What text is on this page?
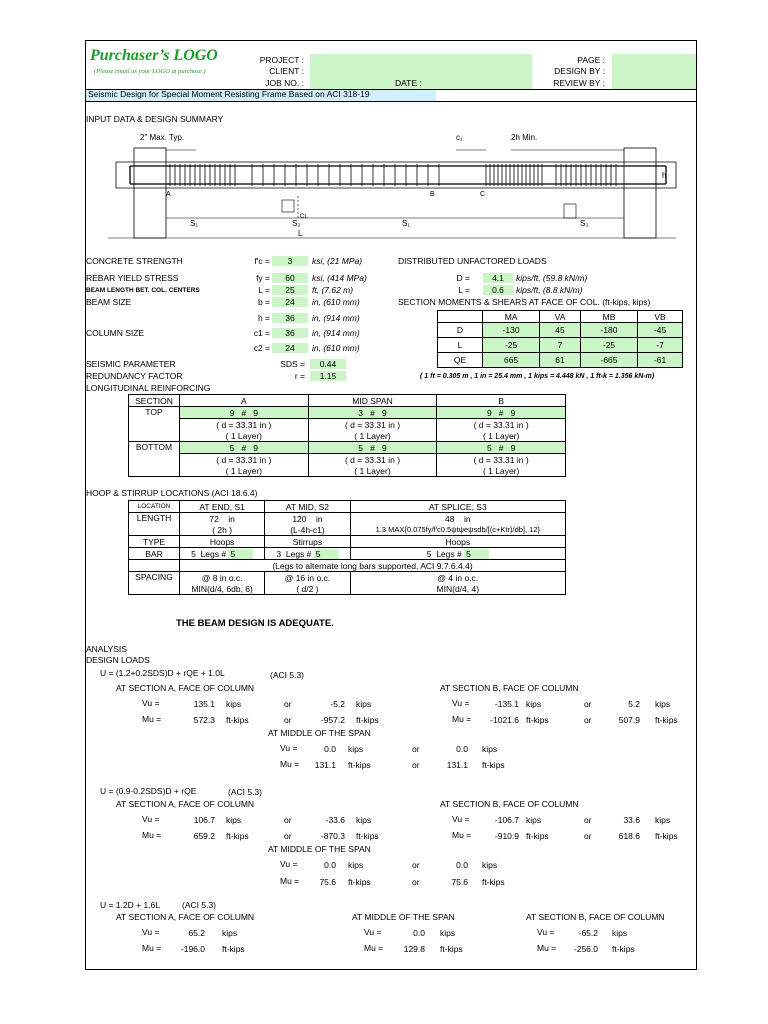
Purchaser’s LOGO
(Please email us your LOGO at purchase.)
PROJECT :
CLIENT :
JOB NO. :	DATE :
PAGE :
DESIGN BY :
REVIEW BY :
Seismic Design for Special Moment Resisting Frame Based on ACI 318-19
INPUT DATA & DESIGN SUMMARY
2" Max. Typ.	c₁	2h Min.
h
A	B	C
S₁	S₂
CL
S₁	S₃
L
CONCRETE STRENGTH	f'c =	3	ksi, (21 MPa)
REBAR YIELD STRESS	fy =	60	ksi, (414 MPa)
BEAM LENGTH BET. COL. CENTERS	L =	25	ft, (7.62 m)
BEAM SIZE	b =	24	in, (610 mm)
h =	36	in, (914 mm)
COLUMN SIZE	c1 =	36	in, (914 mm)
c2 =	24	in, (610 mm)
SEISMIC PARAMETER	SDS =	0.44
REDUNDANCY FACTOR	r =	1.15
DISTRIBUTED UNFACTORED LOADS
D =	4.1	kips/ft, (59.8 kN/m)
L =	0.6	kips/ft, (8.8 kN/m)
SECTION MOMENTS & SHEARS AT FACE OF COL. (ft-kips, kips)
	MA	VA	MB	VB
D	-130	45	-180	-45
L	-25	7	-25	-7
QE	665	61	-665	-61
( 1 ft = 0.305 m , 1 in = 25.4 mm , 1 kips = 4.448 kN , 1 ft-k = 1.356 kN-m)
LONGITUDINAL REINFORCING
SECTION	A	MID SPAN	B
TOP	9 # 9	3 # 9	9 # 9
	( d = 33.31 in )	( d = 33.31 in )	( d = 33.31 in )
	( 1 Layer)	( 1 Layer)	( 1 Layer)
BOTTOM	5 # 9	5 # 9	5 # 9
	( d = 33.31 in )	( d = 33.31 in )	( d = 33.31 in )
	( 1 Layer)	( 1 Layer)	( 1 Layer)
HOOP & STIRRUP LOCATIONS (ACI 18.6.4)
LOCATION	AT END, S1	AT MID, S2	AT SPLICE, S3
LENGTH	72 in	120 in	48 in
	( 2h )	(L-4h-c1)	1.3 MAX{0.075fy/f'c0.5ψtψeψsdb/[(c+Ktr)/db], 12}
TYPE	Hoops	Stirrups	Hoops
BAR	5 Legs # 5	3 Legs # 5	5 Legs # 5
	(Legs to alternate long bars supported, ACI 9.7.6.4.4)		
SPACING	@ 8 in o.c.	@ 16 in o.c.	@ 4 in o.c.
	MIN(d/4, 6db, 6)	( d/2 )	MIN(d/4, 4)
THE BEAM DESIGN IS ADEQUATE.
ANALYSIS
DESIGN LOADS
U = (1.2+0.2SDS)D + rQE + 1.0L	(ACI 5.3)
AT SECTION A, FACE OF COLUMN	AT SECTION B, FACE OF COLUMN
Vu =	135.1 kips	or	-5.2 kips	Vu =	-135.1 kips	or	5.2 kips
Mu =	572.3 ft-kips	or	-957.2 ft-kips	Mu =	-1021.6 ft-kips	or	507.9 ft-kips
AT MIDDLE OF THE SPAN
Vu =	0.0 kips	or	0.0 kips
Mu =	131.1 ft-kips	or	131.1 ft-kips
U = (0.9-0.2SDS)D + rQE	(ACI 5.3)
AT SECTION A, FACE OF COLUMN	AT SECTION B, FACE OF COLUMN
Vu =	106.7 kips	or	-33.6 kips	Vu =	-106.7 kips	or	33.6 kips
Mu =	659.2 ft-kips	or	-870.3 ft-kips	Mu =	-910.9 ft-kips	or	618.6 ft-kips
AT MIDDLE OF THE SPAN
Vu =	0.0 kips	or	0.0 kips
Mu =	75.6 ft-kips	or	75.6 ft-kips
U = 1.2D + 1.6L	(ACI 5.3)
AT SECTION A, FACE OF COLUMN	AT MIDDLE OF THE SPAN	AT SECTION B, FACE OF COLUMN
Vu =	65.2 kips	Vu =	0.0 kips	Vu =	-65.2 kips
Mu =	-196.0 ft-kips	Mu =	129.8 ft-kips	Mu =	-256.0 ft-kips
